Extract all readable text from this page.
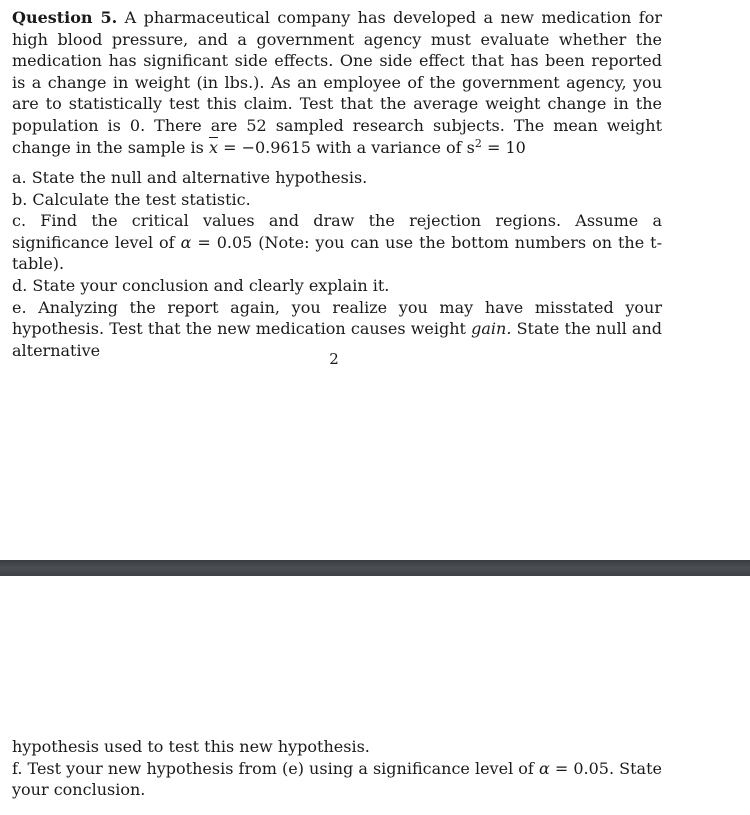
Question 5. A pharmaceutical company has developed a new medication for high blood pressure, and a government agency must evaluate whether the medication has significant side effects. One side effect that has been reported is a change in weight (in lbs.). As an employee of the government agency, you are to statistically test this claim. Test that the average weight change in the population is 0. There are 52 sampled research subjects. The mean weight change in the sample is $\overline{x} = -0.9615$ with a variance of $s^2 = 10$

a. State the null and alternative hypothesis.

b. Calculate the test statistic.

c. Find the critical values and draw the rejection regions. Assume a significance level of α = 0.05 (Note: you can use the bottom numbers on the t-table).

d. State your conclusion and clearly explain it.

e. Analyzing the report again, you realize you may have misstated your hypothesis. Test that the new medication causes weight gain. State the null and alternative	2

hypothesis used to test this new hypothesis.

f. Test your new hypothesis from (e) using a significance level of α = 0.05. State your conclusion.
